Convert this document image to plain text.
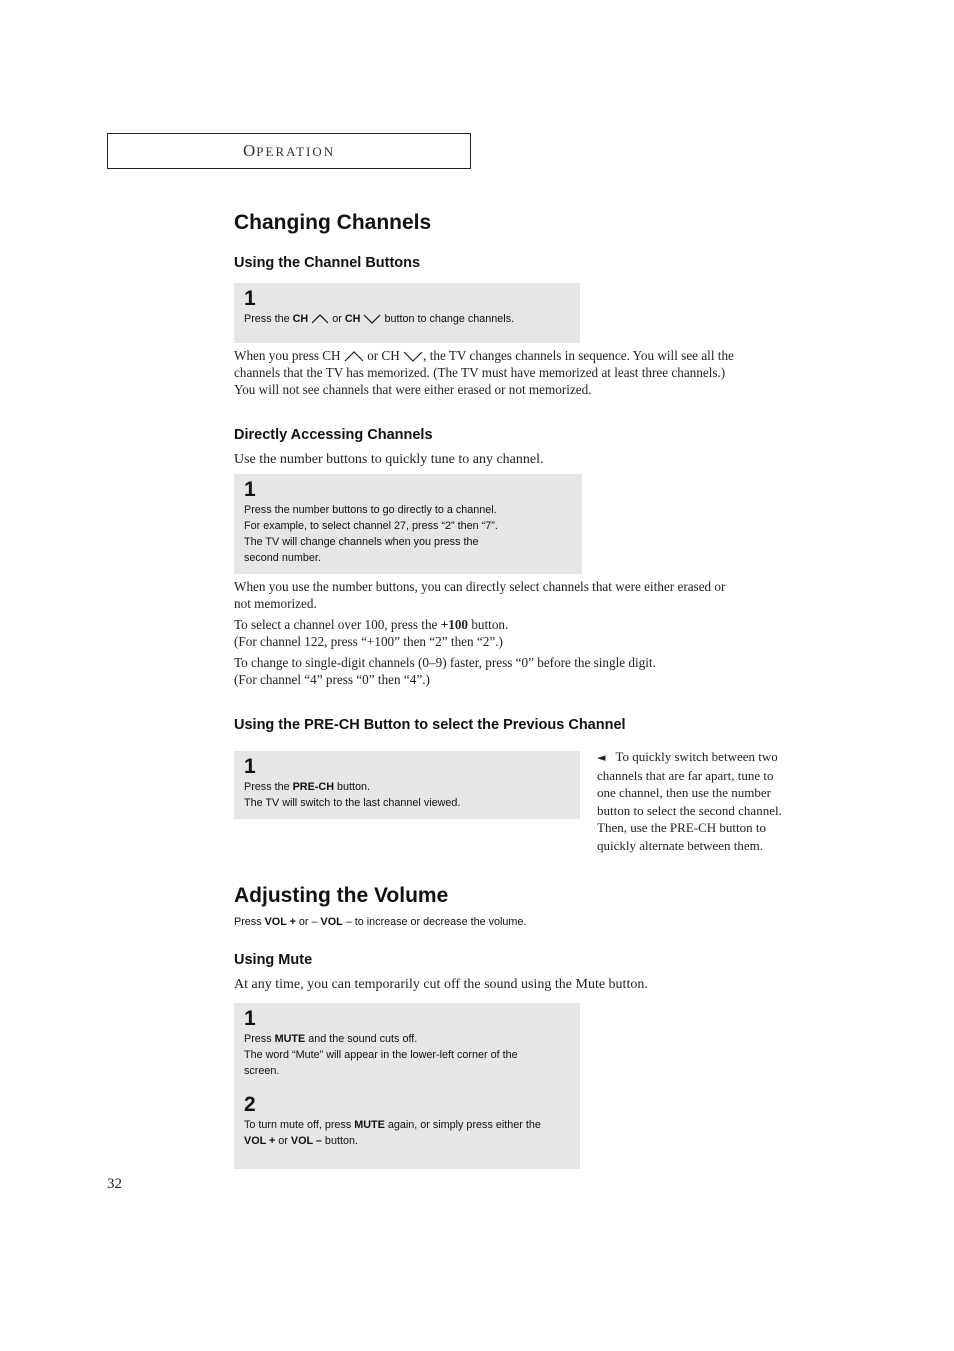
OPERATION
Changing Channels
Using the Channel Buttons
1
Press the CH  or CH  button to change channels.
When you press CH  or CH , the TV changes channels in sequence. You will see all the
channels that the TV has memorized. (The TV must have memorized at least three channels.)
You will not see channels that were either erased or not memorized.
Directly Accessing Channels
Use the number buttons to quickly tune to any channel.
1
Press the number buttons to go directly to a channel.
For example, to select channel 27, press “2” then “7”.
The TV will change channels when you press the
second number.
When you use the number buttons, you can directly select channels that were either erased or
not memorized.
To select a channel over 100, press the +100 button.
(For channel 122, press “+100” then “2” then “2”.)
To change to single-digit channels (0–9) faster, press “0” before the single digit.
(For channel “4” press “0” then “4”.)
Using the PRE-CH Button to select the Previous Channel
1
Press the PRE-CH button.
The TV will switch to the last channel viewed.
◄ To quickly switch between two
channels that are far apart, tune to
one channel, then use the number
button to select the second channel.
Then, use the PRE-CH button to
quickly alternate between them.
Adjusting the Volume
Press VOL + or – VOL – to increase or decrease the volume.
Using Mute
At any time, you can temporarily cut off the sound using the Mute button.
1
Press MUTE and the sound cuts off.
The word “Mute” will appear in the lower-left corner of the
screen.
2
To turn mute off, press MUTE again, or simply press either the
VOL + or VOL – button.
32
